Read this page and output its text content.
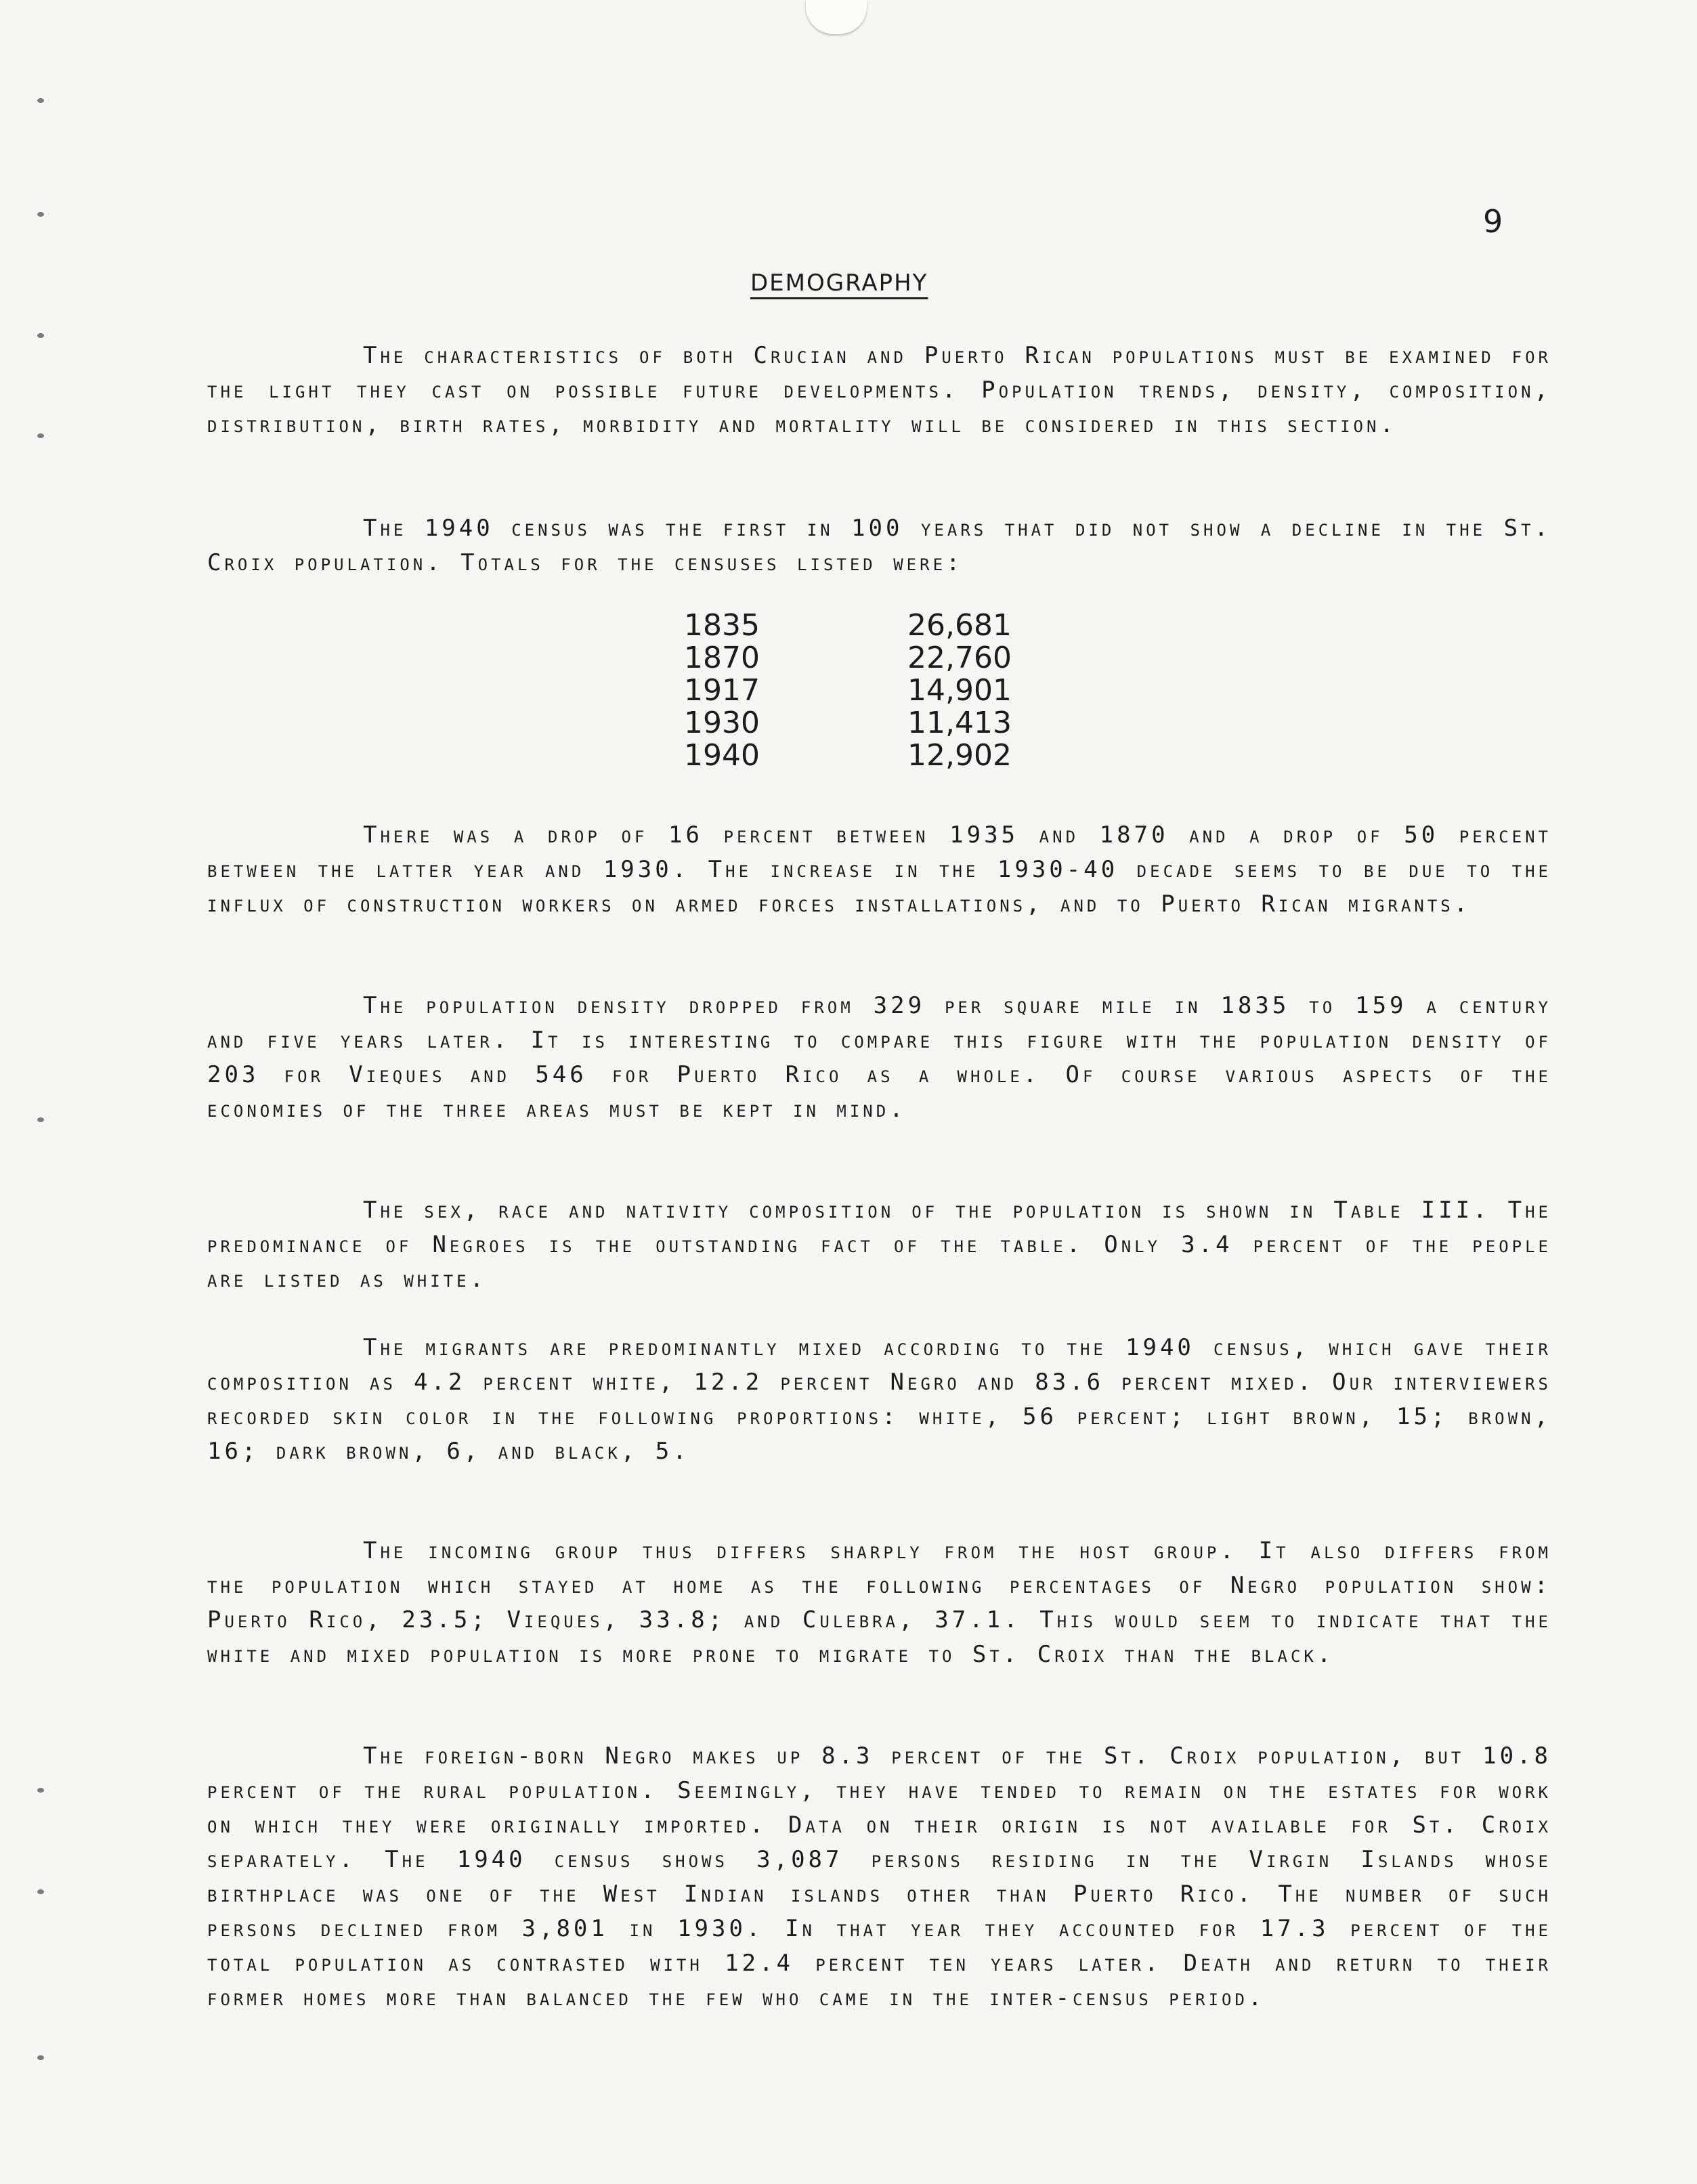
9
DEMOGRAPHY
The characteristics of both Crucian and Puerto Rican populations must be examined for the light they cast on possible future developments. Population trends, density, composition, distribution, birth rates, morbidity and mortality will be considered in this section.
The 1940 census was the first in 100 years that did not show a decline in the St. Croix population. Totals for the censuses listed were:
1835	26,681
1870	22,760
1917	14,901
1930	11,413
1940	12,902
There was a drop of 16 percent between 1935 and 1870 and a drop of 50 percent between the latter year and 1930. The increase in the 1930-40 decade seems to be due to the influx of construction workers on armed forces installations, and to Puerto Rican migrants.
The population density dropped from 329 per square mile in 1835 to 159 a century and five years later. It is interesting to compare this figure with the population density of 203 for Vieques and 546 for Puerto Rico as a whole. Of course various aspects of the economies of the three areas must be kept in mind.
The sex, race and nativity composition of the population is shown in Table III. The predominance of Negroes is the outstanding fact of the table. Only 3.4 percent of the people are listed as white.
The migrants are predominantly mixed according to the 1940 census, which gave their composition as 4.2 percent white, 12.2 percent Negro and 83.6 percent mixed. Our interviewers recorded skin color in the following proportions: white, 56 percent; light brown, 15; brown, 16; dark brown, 6, and black, 5.
The incoming group thus differs sharply from the host group. It also differs from the population which stayed at home as the following percentages of Negro population show: Puerto Rico, 23.5; Vieques, 33.8; and Culebra, 37.1. This would seem to indicate that the white and mixed population is more prone to migrate to St. Croix than the black.
The foreign-born Negro makes up 8.3 percent of the St. Croix population, but 10.8 percent of the rural population. Seemingly, they have tended to remain on the estates for work on which they were originally imported. Data on their origin is not available for St. Croix separately. The 1940 census shows 3,087 persons residing in the Virgin Islands whose birthplace was one of the West Indian islands other than Puerto Rico. The number of such persons declined from 3,801 in 1930. In that year they accounted for 17.3 percent of the total population as contrasted with 12.4 percent ten years later. Death and return to their former homes more than balanced the few who came in the inter-census period.
